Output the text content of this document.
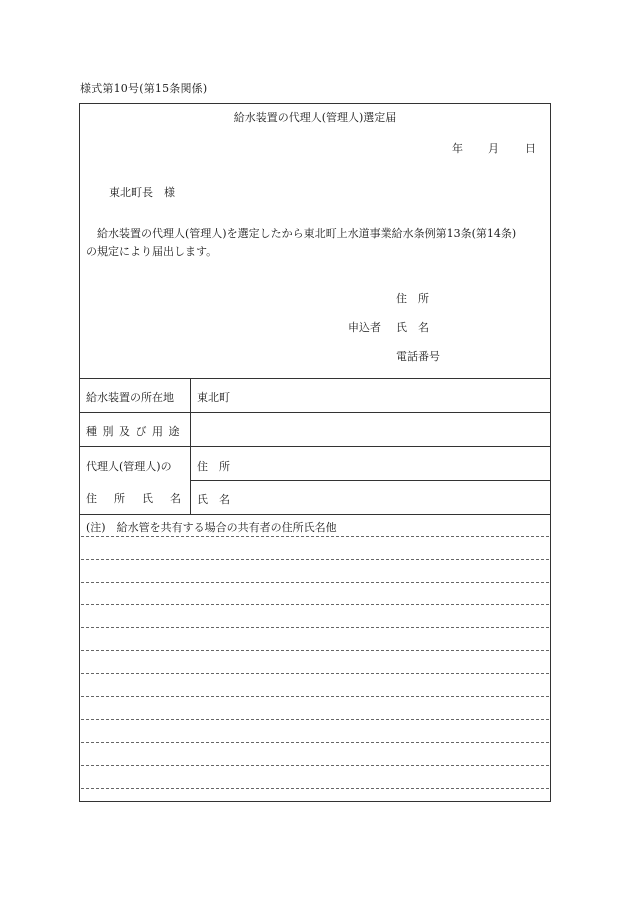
様式第10号(第15条関係)
給水装置の代理人(管理人)選定届
年 月 日
東北町長　様
給水装置の代理人(管理人)を選定したから東北町上水道事業給水条例第13条(第14条)
の規定により届出します。
住　所
申込者 氏　名
電話番号
給水装置の所在地 東北町
種 別 及 び 用 途
代理人(管理人)の
住　所　氏　名
住　所
氏　名
(注)　給水管を共有する場合の共有者の住所氏名他
